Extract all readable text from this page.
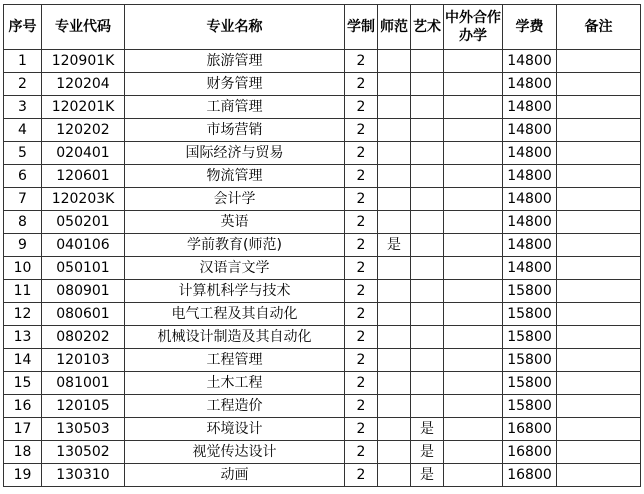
序号	专业代码	专业名称	学制	师范	艺术	中外合作办学	学费	备注
1	120901K	旅游管理	2				14800	
2	120204	财务管理	2				14800	
3	120201K	工商管理	2				14800	
4	120202	市场营销	2				14800	
5	020401	国际经济与贸易	2				14800	
6	120601	物流管理	2				14800	
7	120203K	会计学	2				14800	
8	050201	英语	2				14800	
9	040106	学前教育(师范)	2	是			14800	
10	050101	汉语言文学	2				14800	
11	080901	计算机科学与技术	2				15800	
12	080601	电气工程及其自动化	2				15800	
13	080202	机械设计制造及其自动化	2				15800	
14	120103	工程管理	2				15800	
15	081001	土木工程	2				15800	
16	120105	工程造价	2				15800	
17	130503	环境设计	2		是		16800	
18	130502	视觉传达设计	2		是		16800	
19	130310	动画	2		是		16800	
